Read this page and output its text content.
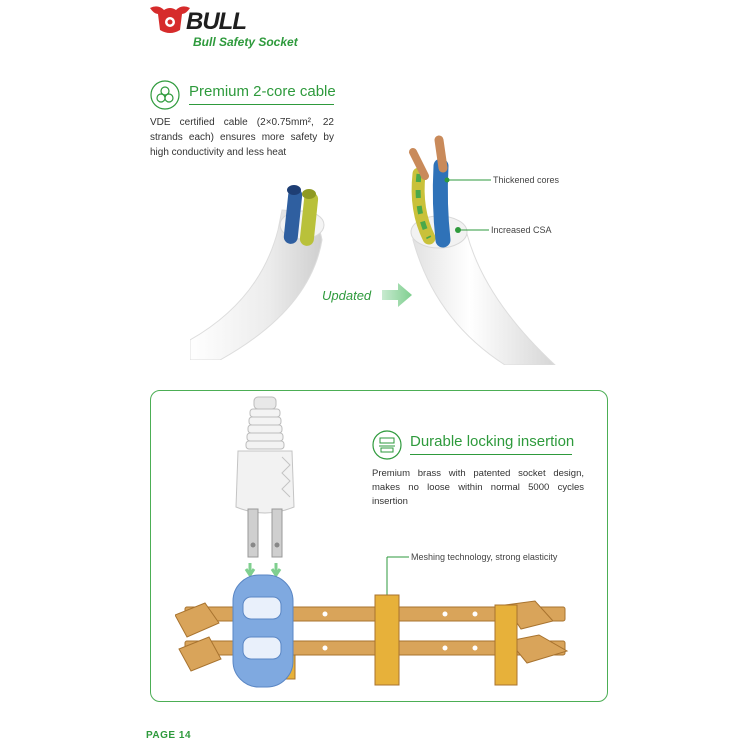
BULL
Bull Safety Socket
Premium 2-core cable
VDE certified cable (2×0.75mm², 22 strands each) ensures more safety by high conductivity and less heat
Updated
Thickened cores
Increased CSA
Durable locking insertion
Premium brass with patented socket design, makes no loose within normal 5000 cycles insertion
Meshing technology, strong elasticity
PAGE 14
